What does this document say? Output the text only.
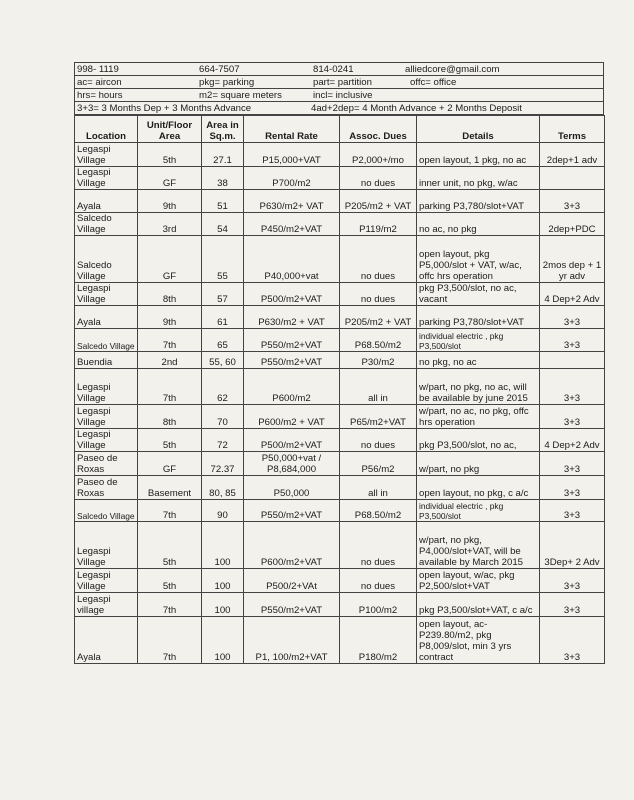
998- 1119	664-7507	814-0241	alliedcore@gmail.com
ac= aircon	pkg= parking	part= partition	offc= office
hrs= hours	m2= square meters	incl= inclusive
3+3= 3 Months Dep + 3 Months Advance	4ad+2dep= 4 Month Advance + 2 Months Deposit
Location	Unit/Floor Area	Area in Sq.m.	Rental Rate	Assoc. Dues	Details	Terms
Legaspi Village	5th	27.1	P15,000+VAT	P2,000+/mo	open layout, 1 pkg, no ac	2dep+1 adv
Legaspi Village	GF	38	P700/m2	no dues	inner unit, no pkg, w/ac	
Ayala	9th	51	P630/m2+ VAT	P205/m2 + VAT	parking P3,780/slot+VAT	3+3
Salcedo Village	3rd	54	P450/m2+VAT	P119/m2	no ac, no pkg	2dep+PDC
Salcedo Village	GF	55	P40,000+vat	no dues	open layout, pkg P5,000/slot + VAT, w/ac, offc hrs operation	2mos dep + 1 yr adv
Legaspi Village	8th	57	P500/m2+VAT	no dues	pkg P3,500/slot, no ac, vacant	4 Dep+2 Adv
Ayala	9th	61	P630/m2 + VAT	P205/m2 + VAT	parking P3,780/slot+VAT	3+3
Salcedo Village	7th	65	P550/m2+VAT	P68.50/m2	individual electric , pkg P3,500/slot	3+3
Buendia	2nd	55, 60	P550/m2+VAT	P30/m2	no pkg, no ac	
Legaspi Village	7th	62	P600/m2	all in	w/part, no pkg, no ac, will be available by june 2015	3+3
Legaspi Village	8th	70	P600/m2 + VAT	P65/m2+VAT	w/part, no ac, no pkg, offc hrs operation	3+3
Legaspi Village	5th	72	P500/m2+VAT	no dues	pkg P3,500/slot, no ac,	4 Dep+2 Adv
Paseo de Roxas	GF	72.37	P50,000+vat / P8,684,000	P56/m2	w/part, no pkg	3+3
Paseo de Roxas	Basement	80, 85	P50,000	all in	open layout, no pkg, c a/c	3+3
Salcedo Village	7th	90	P550/m2+VAT	P68.50/m2	individual electric , pkg P3,500/slot	3+3
Legaspi Village	5th	100	P600/m2+VAT	no dues	w/part, no pkg, P4,000/slot+VAT, will be available by March 2015	3Dep+ 2 Adv
Legaspi Village	5th	100	P500/2+VAt	no dues	open layout, w/ac, pkg P2,500/slot+VAT	3+3
Legaspi village	7th	100	P550/m2+VAT	P100/m2	pkg P3,500/slot+VAT, c a/c	3+3
Ayala	7th	100	P1, 100/m2+VAT	P180/m2	open layout, ac-P239.80/m2, pkg P8,009/slot, min 3 yrs contract	3+3
